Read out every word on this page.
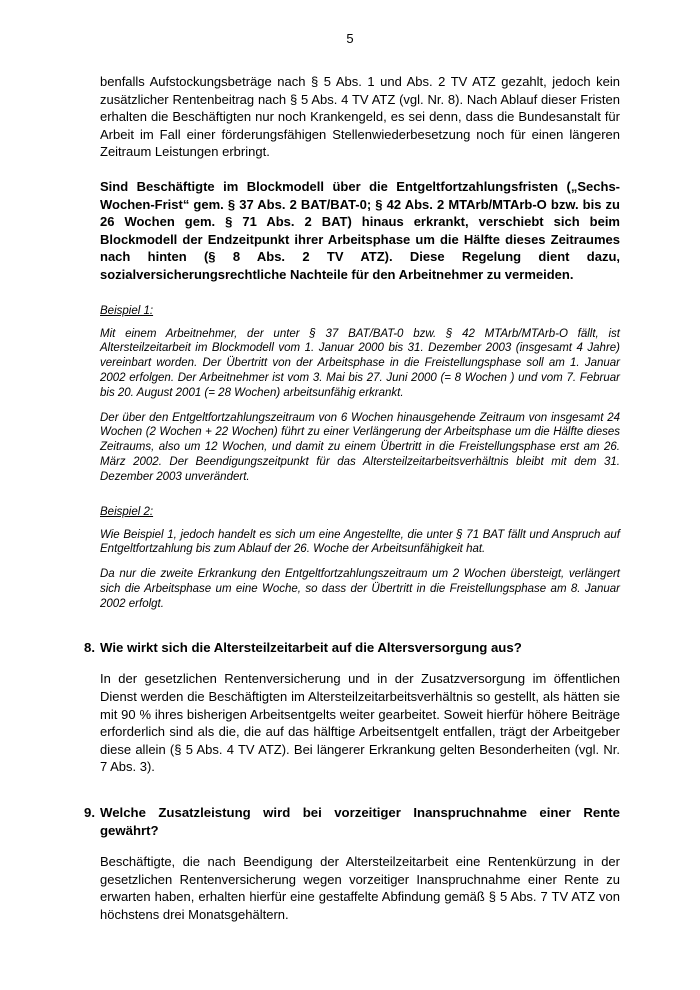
5

benfalls Aufstockungsbeträge nach § 5 Abs. 1 und Abs. 2 TV ATZ gezahlt, jedoch kein zusätzlicher Rentenbeitrag nach § 5 Abs. 4 TV ATZ (vgl. Nr. 8). Nach Ablauf dieser Fristen erhalten die Beschäftigten nur noch Krankengeld, es sei denn, dass die Bundesanstalt für Arbeit im Fall einer förderungsfähigen Stellenwiederbesetzung noch für einen längeren Zeitraum Leistungen erbringt.

Sind Beschäftigte im Blockmodell über die Entgeltfortzahlungsfristen („Sechs-Wochen-Frist“ gem. § 37 Abs. 2 BAT/BAT-0; § 42 Abs. 2 MTArb/MTArb-O bzw. bis zu 26 Wochen gem. § 71 Abs. 2 BAT) hinaus erkrankt, verschiebt sich beim Blockmodell der Endzeitpunkt ihrer Arbeitsphase um die Hälfte dieses Zeitraumes nach hinten (§ 8 Abs. 2 TV ATZ). Diese Regelung dient dazu, sozialversicherungsrechtliche Nachteile für den Arbeitnehmer zu vermeiden.

Beispiel 1:

Mit einem Arbeitnehmer, der unter § 37 BAT/BAT-0 bzw. § 42 MTArb/MTArb-O fällt, ist Altersteilzeitarbeit im Blockmodell vom 1. Januar 2000 bis 31. Dezember 2003 (insgesamt 4 Jahre) vereinbart worden. Der Übertritt von der Arbeitsphase in die Freistellungsphase soll am 1. Januar 2002 erfolgen. Der Arbeitnehmer ist vom 3. Mai bis 27. Juni 2000 (= 8 Wochen ) und vom 7. Februar bis 20. August 2001 (= 28 Wochen) arbeitsunfähig erkrankt.

Der über den Entgeltfortzahlungszeitraum von 6 Wochen hinausgehende Zeitraum von insgesamt 24 Wochen (2 Wochen + 22 Wochen) führt zu einer Verlängerung der Arbeitsphase um die Hälfte dieses Zeitraums, also um 12 Wochen, und damit zu einem Übertritt in die Freistellungsphase erst am 26. März 2002. Der Beendigungszeitpunkt für das Altersteilzeitarbeitsverhältnis bleibt mit dem 31. Dezember 2003 unverändert.

Beispiel 2:

Wie Beispiel 1, jedoch handelt es sich um eine Angestellte, die unter § 71 BAT fällt und Anspruch auf Entgeltfortzahlung bis zum Ablauf der 26. Woche der Arbeitsunfähigkeit hat.

Da nur die zweite Erkrankung den Entgeltfortzahlungszeitraum um 2 Wochen übersteigt, verlängert sich die Arbeitsphase um eine Woche, so dass der Übertritt in die Freistellungsphase am 8. Januar 2002 erfolgt.

8. Wie wirkt sich die Altersteilzeitarbeit auf die Altersversorgung aus?

In der gesetzlichen Rentenversicherung und in der Zusatzversorgung im öffentlichen Dienst werden die Beschäftigten im Altersteilzeitarbeitsverhältnis so gestellt, als hätten sie mit 90 % ihres bisherigen Arbeitsentgelts weiter gearbeitet. Soweit hierfür höhere Beiträge erforderlich sind als die, die auf das hälftige Arbeitsentgelt entfallen, trägt der Arbeitgeber diese allein (§ 5 Abs. 4 TV ATZ). Bei längerer Erkrankung gelten Besonderheiten (vgl. Nr. 7 Abs. 3).

9. Welche Zusatzleistung wird bei vorzeitiger Inanspruchnahme einer Rente gewährt?

Beschäftigte, die nach Beendigung der Altersteilzeitarbeit eine Rentenkürzung in der gesetzlichen Rentenversicherung wegen vorzeitiger Inanspruchnahme einer Rente zu erwarten haben, erhalten hierfür eine gestaffelte Abfindung gemäß § 5 Abs. 7 TV ATZ von höchstens drei Monatsgehältern.
